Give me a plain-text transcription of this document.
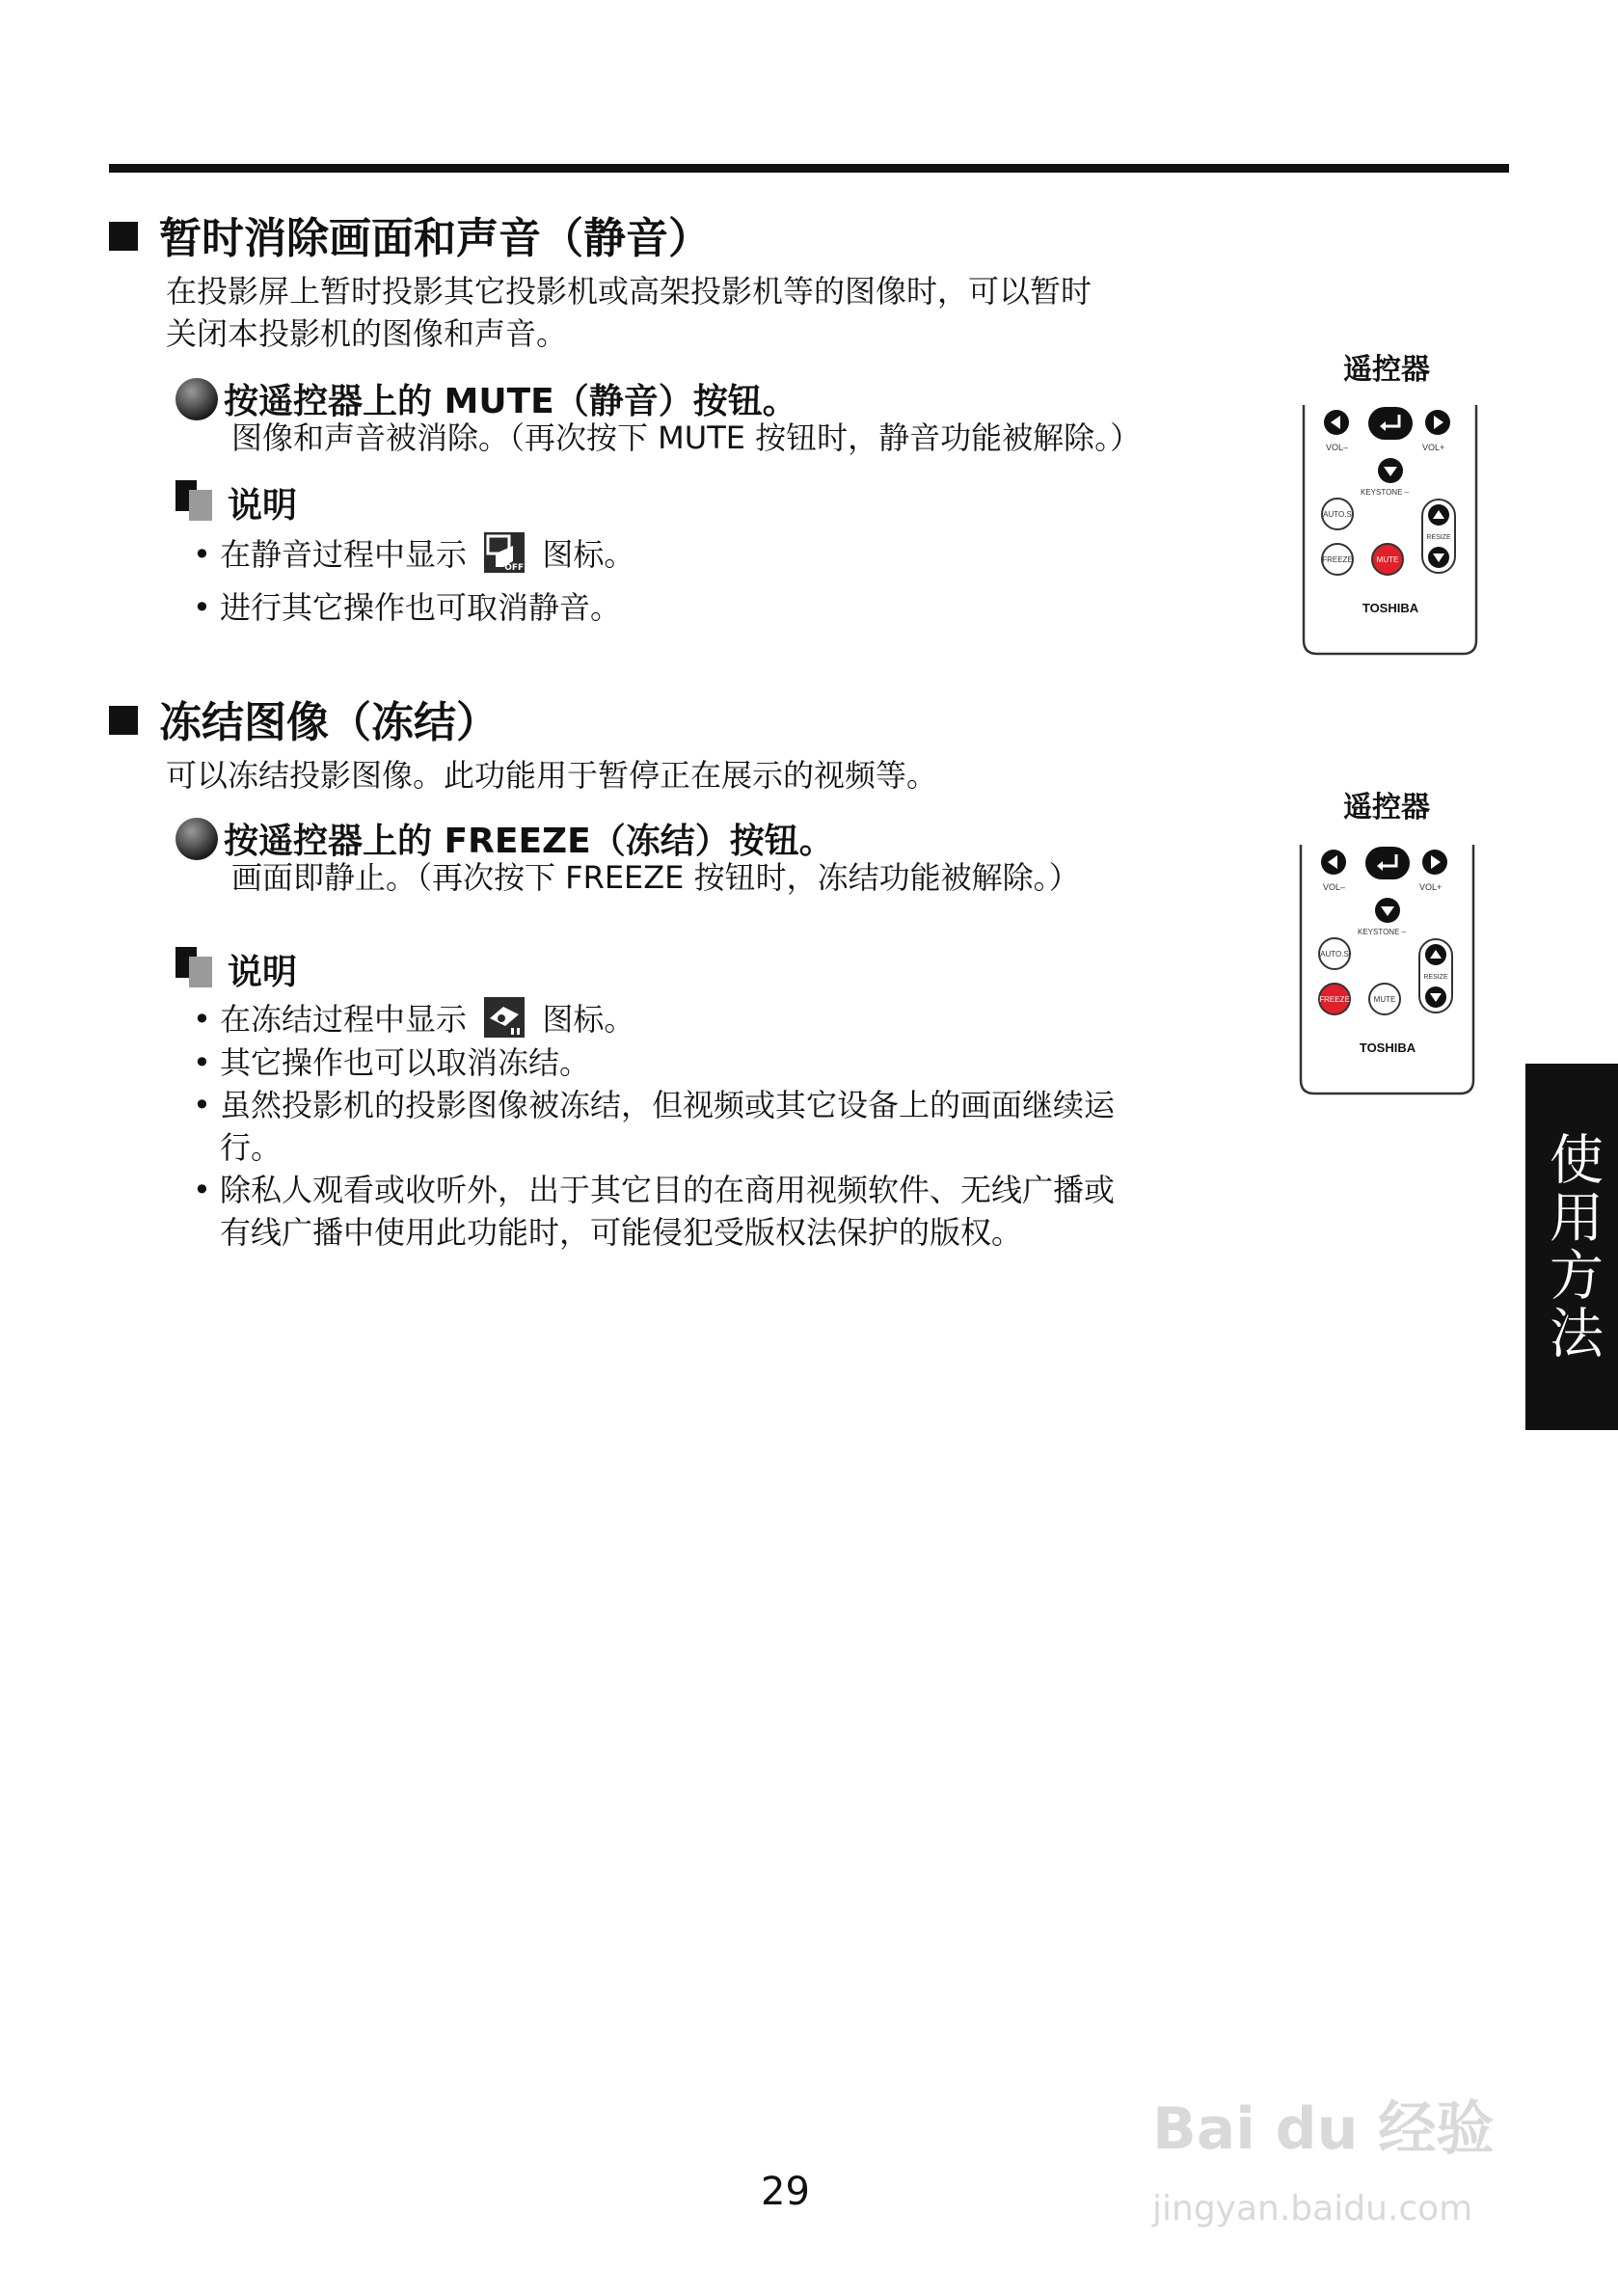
暂时消除画面和声音（静音）
在投影屏上暂时投影其它投影机或高架投影机等的图像时，可以暂时
关闭本投影机的图像和声音。
按遥控器上的 MUTE（静音）按钮。
图像和声音被消除。（再次按下 MUTE 按钮时，静音功能被解除。）
说明
• 在静音过程中显示	OFF 图标。
• 进行其它操作也可取消静音。
遥控器
VOL–	VOL+
KEYSTONE –
AUTO.S
RESIZE
FREEZE	MUTE
TOSHIBA
冻结图像（冻结）
可以冻结投影图像。此功能用于暂停正在展示的视频等。
按遥控器上的 FREEZE（冻结）按钮。
画面即静止。（再次按下 FREEZE 按钮时，冻结功能被解除。）
说明
• 在冻结过程中显示 图标。
• 其它操作也可以取消冻结。
• 虽然投影机的投影图像被冻结，但视频或其它设备上的画面继续运
行。
• 除私人观看或收听外，出于其它目的在商用视频软件、无线广播或
有线广播中使用此功能时，可能侵犯受版权法保护的版权。
遥控器
VOL–	VOL+
KEYSTONE –
AUTO.S
RESIZE
FREEZE	MUTE
TOSHIBA
使用方法
Bai du 经验
jingyan.baidu.com
29
